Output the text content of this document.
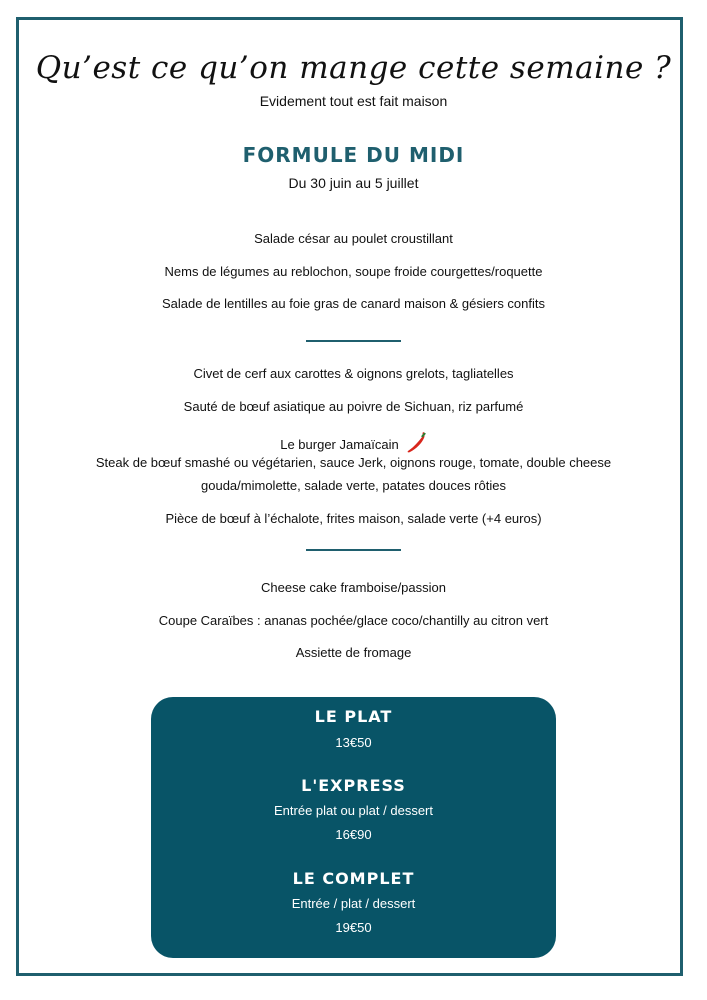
Qu’est ce qu’on mange cette semaine ?
Evidement tout est fait maison
FORMULE DU MIDI
Du 30 juin au 5 juillet
Salade césar au poulet croustillant
Nems de légumes au reblochon, soupe froide courgettes/roquette
Salade de lentilles au foie gras de canard maison & gésiers confits
Civet de cerf aux carottes & oignons grelots, tagliatelles
Sauté de bœuf asiatique au poivre de Sichuan, riz parfumé
Le burger Jamaïcain
Steak de bœuf smashé ou végétarien, sauce Jerk, oignons rouge, tomate, double cheese
gouda/mimolette, salade verte, patates douces rôties
Pièce de bœuf à l’échalote, frites maison, salade verte (+4 euros)
Cheese cake framboise/passion
Coupe Caraïbes : ananas pochée/glace coco/chantilly au citron vert
Assiette de fromage
LE PLAT
13€50
L'EXPRESS
Entrée plat ou plat / dessert
16€90
LE COMPLET
Entrée / plat / dessert
19€50
